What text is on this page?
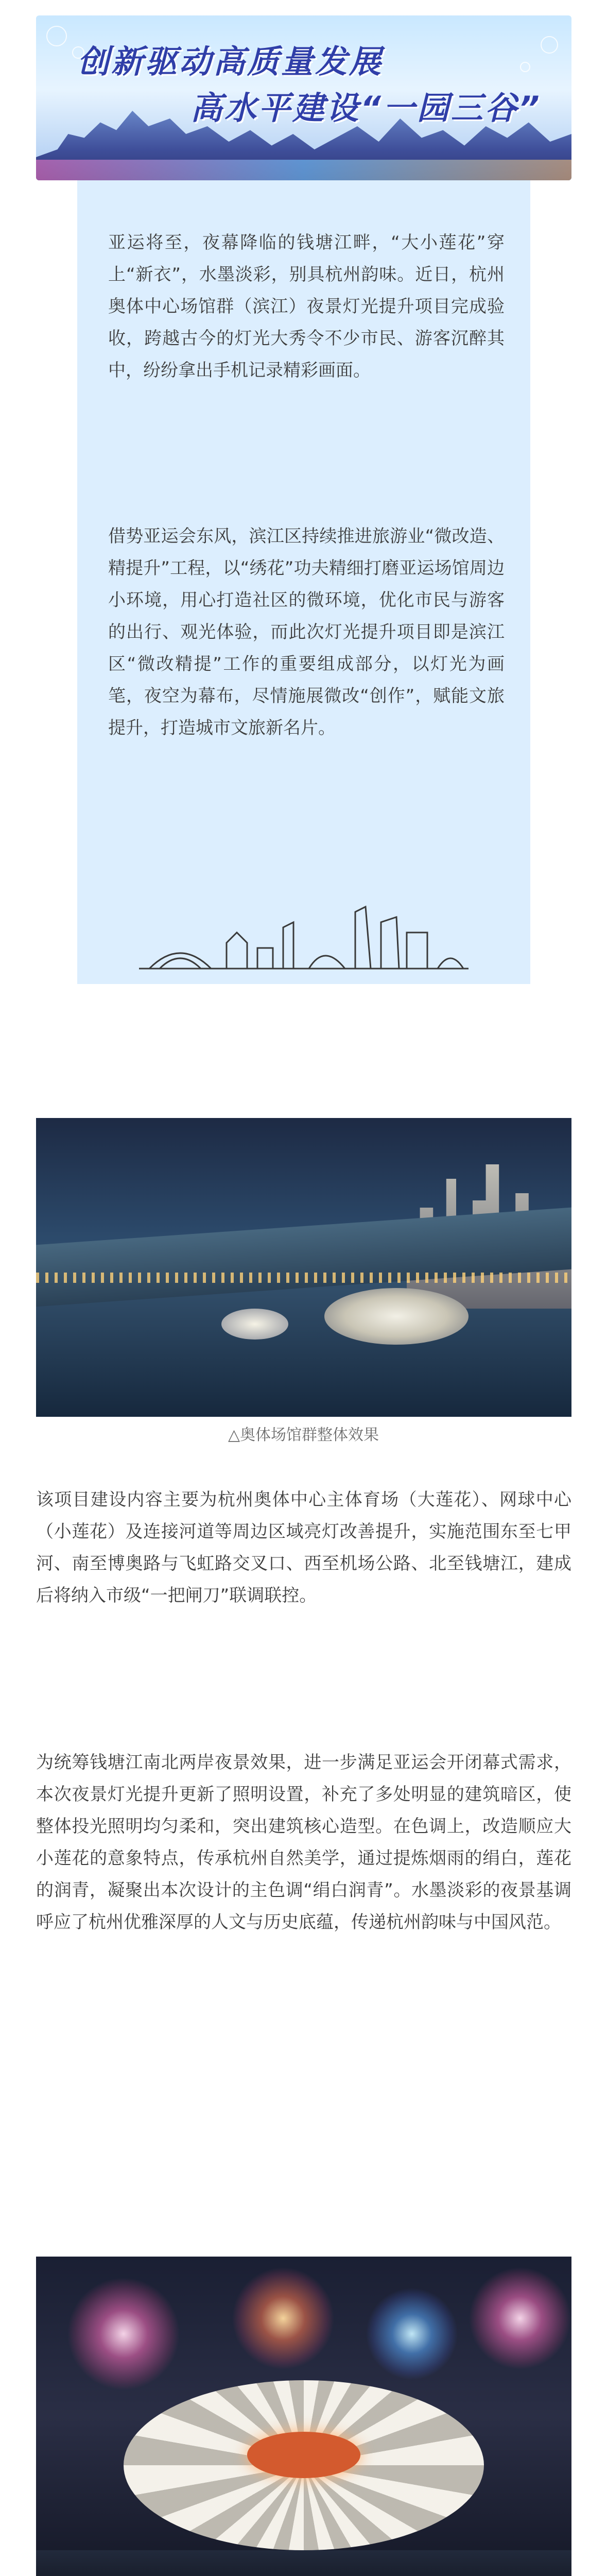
创新驱动高质量发展
高水平建设“一园三谷”

亚运将至，夜幕降临的钱塘江畔，“大小莲花”穿上“新衣”，水墨淡彩，别具杭州韵味。近日，杭州奥体中心场馆群（滨江）夜景灯光提升项目完成验收，跨越古今的灯光大秀令不少市民、游客沉醉其中，纷纷拿出手机记录精彩画面。

借势亚运会东风，滨江区持续推进旅游业“微改造、精提升”工程，以“绣花”功夫精细打磨亚运场馆周边小环境，用心打造社区的微环境，优化市民与游客的出行、观光体验，而此次灯光提升项目即是滨江区“微改精提”工作的重要组成部分，以灯光为画笔，夜空为幕布，尽情施展微改“创作”，赋能文旅提升，打造城市文旅新名片。

△奥体场馆群整体效果

该项目建设内容主要为杭州奥体中心主体育场（大莲花）、网球中心（小莲花）及连接河道等周边区域亮灯改善提升，实施范围东至七甲河、南至博奥路与飞虹路交叉口、西至机场公路、北至钱塘江，建成后将纳入市级“一把闸刀”联调联控。

为统筹钱塘江南北两岸夜景效果，进一步满足亚运会开闭幕式需求，本次夜景灯光提升更新了照明设置，补充了多处明显的建筑暗区，使整体投光照明均匀柔和，突出建筑核心造型。在色调上，改造顺应大小莲花的意象特点，传承杭州自然美学，通过提炼烟雨的绢白，莲花的润青，凝聚出本次设计的主色调“绢白润青”。水墨淡彩的夜景基调呼应了杭州优雅深厚的人文与历史底蕴，传递杭州韵味与中国风范。
